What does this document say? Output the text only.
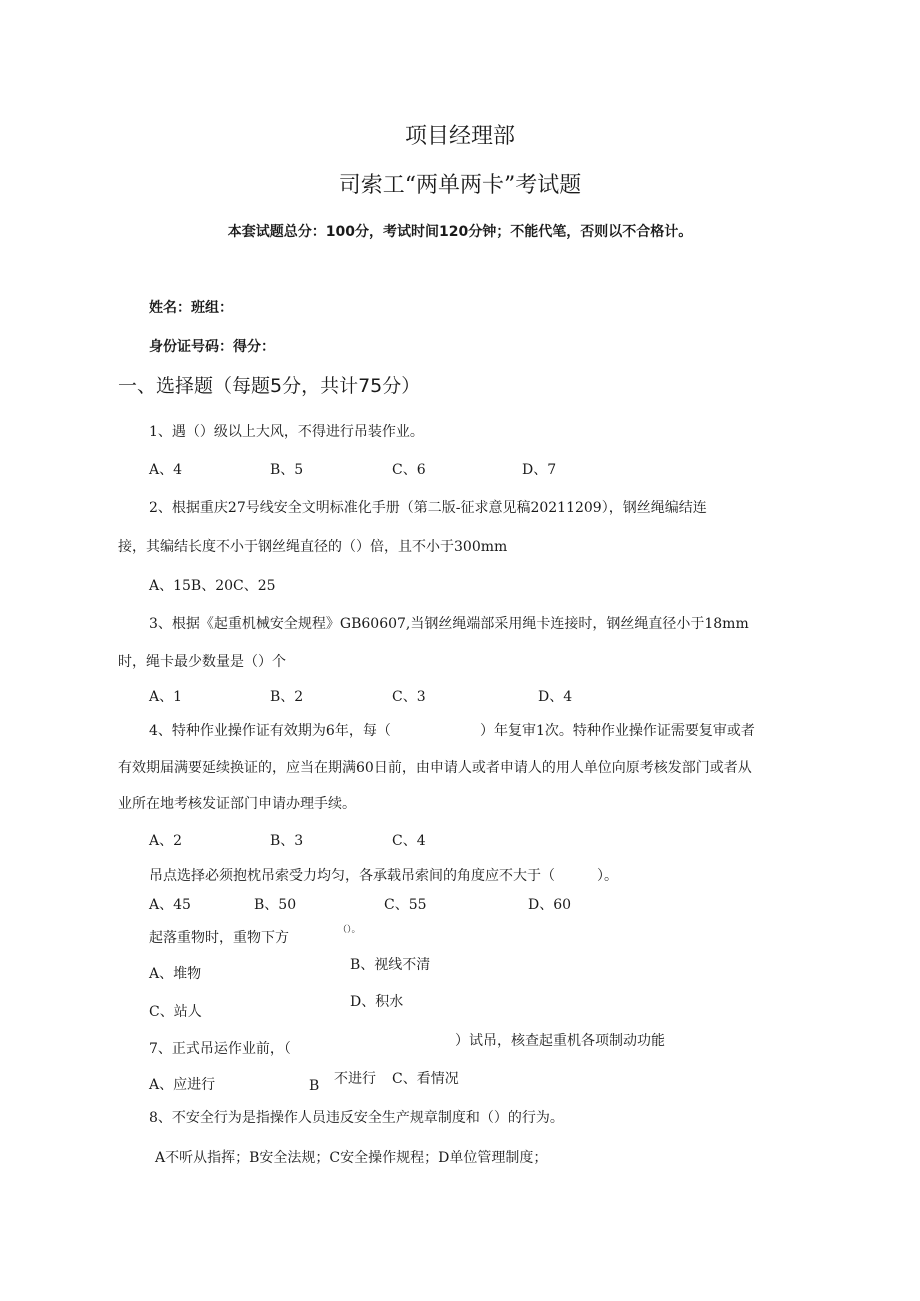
项目经理部
司索工“两单两卡”考试题
本套试题总分：100分，考试时间120分钟；不能代笔，否则以不合格计。
姓名：班组：
身份证号码：得分：
一、选择题（每题5分，共计75分）
1、遇（）级以上大风，不得进行吊装作业。
A、4	B、5	C、6	D、7
2、根据重庆27号线安全文明标准化手册（第二版-征求意见稿20211209），钢丝绳编结连
接，其编结长度不小于钢丝绳直径的（）倍，且不小于300mm
A、15B、20C、25
3、根据《起重机械安全规程》GB60607,当钢丝绳端部采用绳卡连接时，钢丝绳直径小于18mm
时，绳卡最少数量是（）个
A、1	B、2	C、3	D、4
4、特种作业操作证有效期为6年，每（	）年复审1次。特种作业操作证需要复审或者
有效期届满要延续换证的，应当在期满60日前，由申请人或者申请人的用人单位向原考核发部门或者从
业所在地考核发证部门申请办理手续。
A、2	B、3	C、4
吊点选择必须抱枕吊索受力均匀，各承载吊索间的角度应不大于（	）。
A、45	B、50	C、55	D、60
起落重物时，重物下方	（）。
A、堆物
B、视线不清
C、站人
D、积水
7、正式吊运作业前，（	）试吊，核查起重机各项制动功能
A、应进行	B 不进行 C、看情况
8、不安全行为是指操作人员违反安全生产规章制度和（）的行为。
A不听从指挥；B安全法规；C安全操作规程；D单位管理制度；
